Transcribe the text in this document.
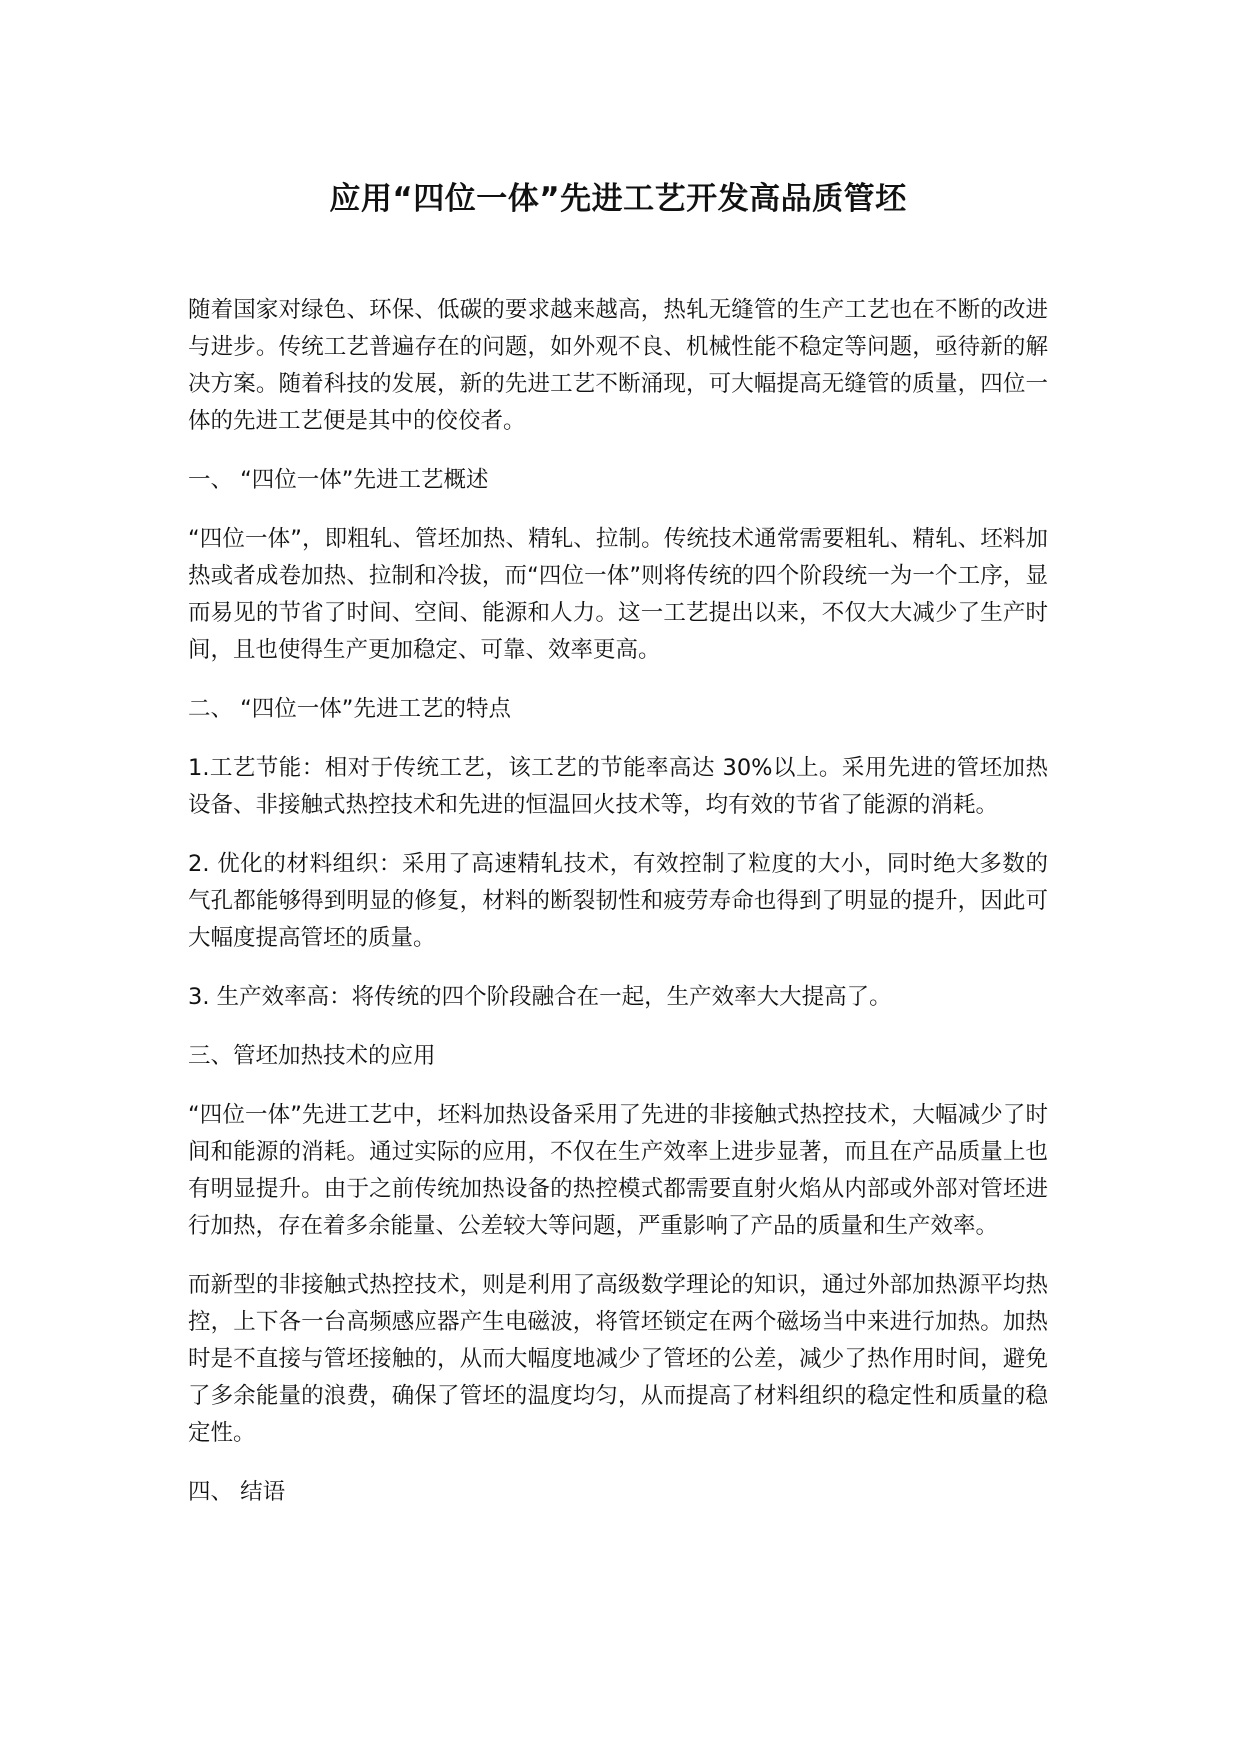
应用“四位一体”先进工艺开发高品质管坯

随着国家对绿色、环保、低碳的要求越来越高，热轧无缝管的生产工艺也在不断的改进与进步。传统工艺普遍存在的问题，如外观不良、机械性能不稳定等问题，亟待新的解决方案。随着科技的发展，新的先进工艺不断涌现，可大幅提高无缝管的质量，四位一体的先进工艺便是其中的佼佼者。

一、 “四位一体”先进工艺概述

“四位一体”，即粗轧、管坯加热、精轧、拉制。传统技术通常需要粗轧、精轧、坯料加热或者成卷加热、拉制和冷拔，而“四位一体”则将传统的四个阶段统一为一个工序，显而易见的节省了时间、空间、能源和人力。这一工艺提出以来，不仅大大减少了生产时间，且也使得生产更加稳定、可靠、效率更高。

二、 “四位一体”先进工艺的特点

1.工艺节能：相对于传统工艺，该工艺的节能率高达 30%以上。采用先进的管坯加热设备、非接触式热控技术和先进的恒温回火技术等，均有效的节省了能源的消耗。

2. 优化的材料组织：采用了高速精轧技术，有效控制了粒度的大小，同时绝大多数的气孔都能够得到明显的修复，材料的断裂韧性和疲劳寿命也得到了明显的提升，因此可大幅度提高管坯的质量。

3. 生产效率高：将传统的四个阶段融合在一起，生产效率大大提高了。

三、管坯加热技术的应用

“四位一体”先进工艺中，坯料加热设备采用了先进的非接触式热控技术，大幅减少了时间和能源的消耗。通过实际的应用，不仅在生产效率上进步显著，而且在产品质量上也有明显提升。由于之前传统加热设备的热控模式都需要直射火焰从内部或外部对管坯进行加热，存在着多余能量、公差较大等问题，严重影响了产品的质量和生产效率。

而新型的非接触式热控技术，则是利用了高级数学理论的知识，通过外部加热源平均热控，上下各一台高频感应器产生电磁波，将管坯锁定在两个磁场当中来进行加热。加热时是不直接与管坯接触的，从而大幅度地减少了管坯的公差，减少了热作用时间，避免了多余能量的浪费，确保了管坯的温度均匀，从而提高了材料组织的稳定性和质量的稳定性。

四、 结语
